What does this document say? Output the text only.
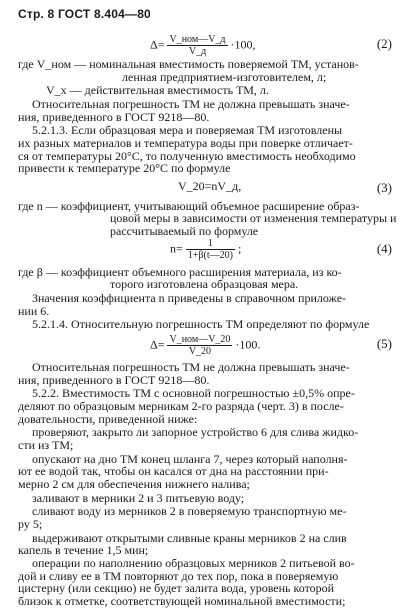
Стр. 8 ГОСТ 8.404—80
$\Delta= \frac{\text{V\_ном—V\_д}}{V\_д} \cdot 100$,	(2)
где V_ном — номинальная вместимость поверяемой ТМ, установ-
ленная предприятием-изготовителем, л;
V_x — действительная вместимость ТМ, л.
Относительная погрешность ТМ не должна превышать значе-
ния, приведенного в ГОСТ 9218—80.
5.2.1.3. Если образцовая мера и поверяемая ТМ изготовлены
их разных материалов и температура воды при поверке отличает-
ся от температуры 20°С, то полученную вместимость необходимо
привести к температуре 20°С по формуле
V_20=nV_д,	(3)
где n — коэффициент, учитывающий объемное расширение образ-
цовой меры в зависимости от изменения температуры и
рассчитываемый по формуле
$n= \frac{1}{1+\beta(t—20)}$ ;	(4)
где β — коэффициент объемного расширения материала, из ко-
торого изготовлена образцовая мера.
Значения коэффициента n приведены в справочном приложе-
нии 6.
5.2.1.4. Относительную погрешность ТМ определяют по формуле
$\Delta= \frac{\text{V\_ном—V\_20}}{V\_20} \cdot 100$.	(5)
Относительная погрешность ТМ не должна превышать значе-
ния, приведенного в ГОСТ 9218—80.
5.2.2. Вместимость ТМ с основной погрешностью ±0,5% опре-
деляют по образцовым мерникам 2-го разряда (черт. 3) в после-
довательности, приведенной ниже:
проверяют, закрыто ли запорное устройство 6 для слива жидко-
сти из ТМ;
опускают на дно ТМ конец шланга 7, через который наполня-
ют ее водой так, чтобы он касался от дна на расстоянии при-
мерно 2 см для обеспечения нижнего налива;
заливают в мерники 2 и 3 питьевую воду;
сливают воду из мерников 2 в поверяемую транспортную ме-
ру 5;
выдерживают открытыми сливные краны мерников 2 на слив
капель в течение 1,5 мин;
операции по наполнению образцовых мерников 2 питьевой во-
дой и сливу ее в ТМ повторяют до тех пор, пока в поверяемую
цистерну (или секцию) не будет залита вода, уровень которой
близок к отметке, соответствующей номинальной вместимости;
